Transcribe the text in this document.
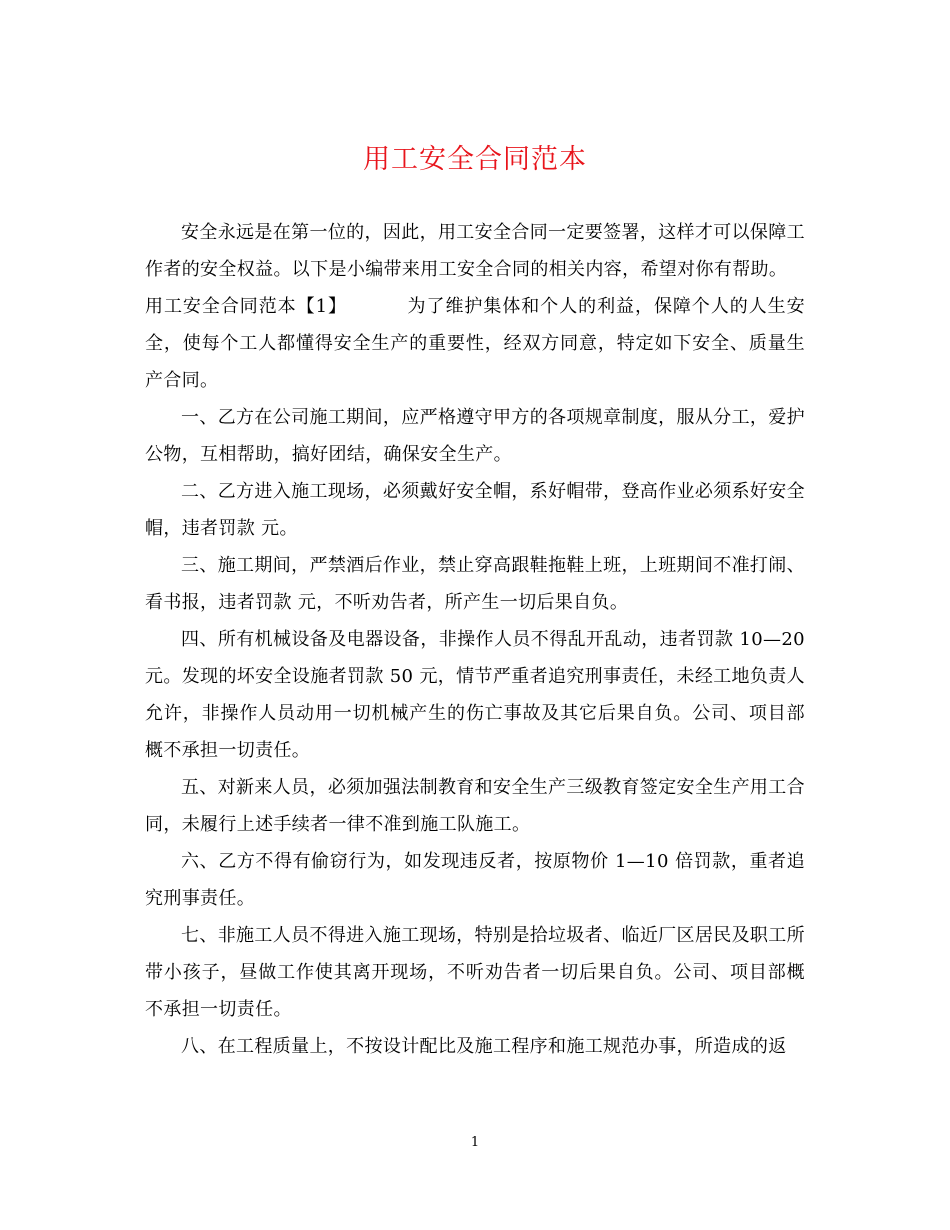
用工安全合同范本

安全永远是在第一位的，因此，用工安全合同一定要签署，这样才可以保障工作者的安全权益。以下是小编带来用工安全合同的相关内容，希望对你有帮助。

用工安全合同范本【1】	为了维护集体和个人的利益，保障个人的人生安全，使每个工人都懂得安全生产的重要性，经双方同意，特定如下安全、质量生产合同。

一、乙方在公司施工期间，应严格遵守甲方的各项规章制度，服从分工，爱护公物，互相帮助，搞好团结，确保安全生产。

二、乙方进入施工现场，必须戴好安全帽，系好帽带，登高作业必须系好安全帽，违者罚款 元。

三、施工期间，严禁酒后作业，禁止穿高跟鞋拖鞋上班，上班期间不准打闹、看书报，违者罚款 元，不听劝告者，所产生一切后果自负。

四、所有机械设备及电器设备，非操作人员不得乱开乱动，违者罚款 10—20 元。发现的坏安全设施者罚款 50 元，情节严重者追究刑事责任，未经工地负责人允许，非操作人员动用一切机械产生的伤亡事故及其它后果自负。公司、项目部概不承担一切责任。

五、对新来人员，必须加强法制教育和安全生产三级教育签定安全生产用工合同，未履行上述手续者一律不准到施工队施工。

六、乙方不得有偷窃行为，如发现违反者，按原物价 1—10 倍罚款，重者追究刑事责任。

七、非施工人员不得进入施工现场，特别是拾垃圾者、临近厂区居民及职工所带小孩子，昼做工作使其离开现场，不听劝告者一切后果自负。公司、项目部概不承担一切责任。

八、在工程质量上，不按设计配比及施工程序和施工规范办事，所造成的返

1
